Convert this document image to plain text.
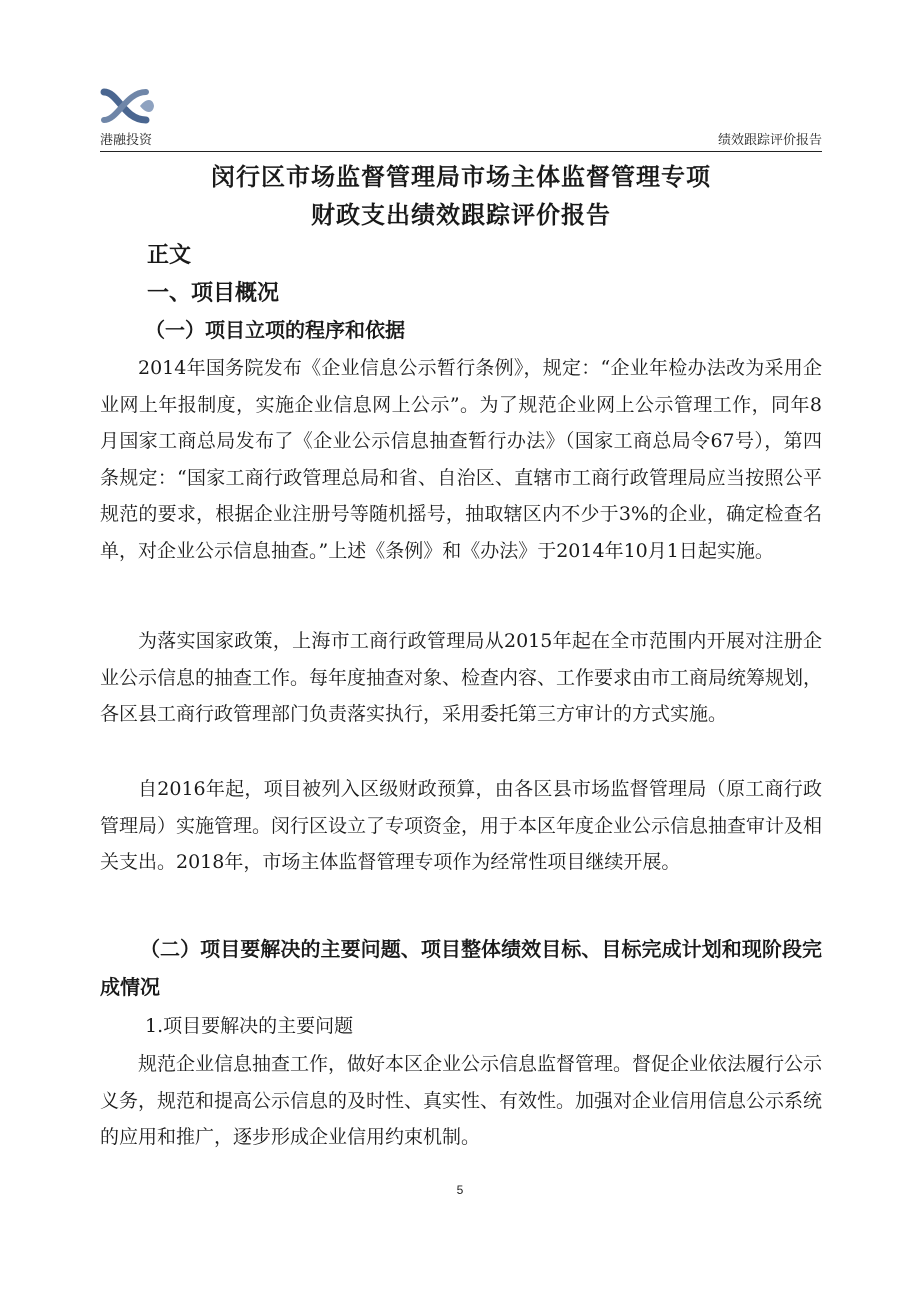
港融投资	绩效跟踪评价报告
闵行区市场监督管理局市场主体监督管理专项
财政支出绩效跟踪评价报告
正文
一、项目概况
（一）项目立项的程序和依据

2014年国务院发布《企业信息公示暂行条例》，规定：“企业年检办法改为采用企业网上年报制度，实施企业信息网上公示”。为了规范企业网上公示管理工作，同年8月国家工商总局发布了《企业公示信息抽查暂行办法》（国家工商总局令67号），第四条规定：“国家工商行政管理总局和省、自治区、直辖市工商行政管理局应当按照公平规范的要求，根据企业注册号等随机摇号，抽取辖区内不少于3%的企业，确定检查名单，对企业公示信息抽查。”上述《条例》和《办法》于2014年10月1日起实施。

为落实国家政策，上海市工商行政管理局从2015年起在全市范围内开展对注册企业公示信息的抽查工作。每年度抽查对象、检查内容、工作要求由市工商局统筹规划，各区县工商行政管理部门负责落实执行，采用委托第三方审计的方式实施。

自2016年起，项目被列入区级财政预算，由各区县市场监督管理局（原工商行政管理局）实施管理。闵行区设立了专项资金，用于本区年度企业公示信息抽查审计及相关支出。2018年，市场主体监督管理专项作为经常性项目继续开展。

（二）项目要解决的主要问题、项目整体绩效目标、目标完成计划和现阶段完成情况

1.项目要解决的主要问题

规范企业信息抽查工作，做好本区企业公示信息监督管理。督促企业依法履行公示义务，规范和提高公示信息的及时性、真实性、有效性。加强对企业信用信息公示系统的应用和推广，逐步形成企业信用约束机制。

5
